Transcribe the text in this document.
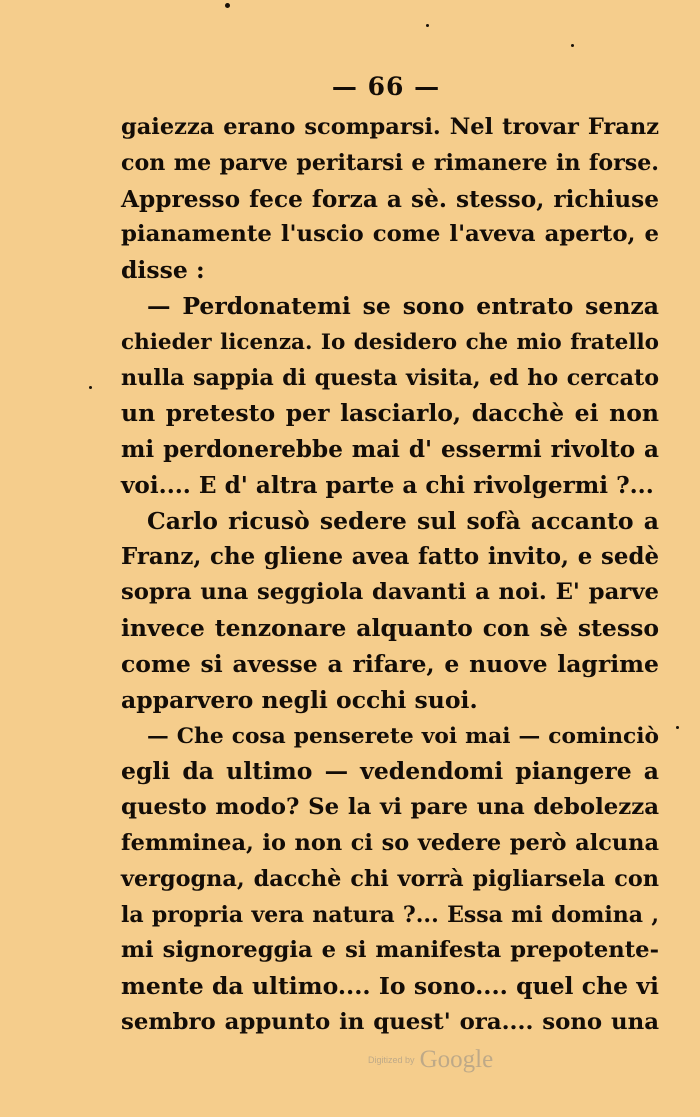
— 66 —
gaiezza erano scomparsi. Nel trovar Franz
con me parve peritarsi e rimanere in forse.
Appresso fece forza a sè. stesso, richiuse
pianamente l'uscio come l'aveva aperto, e
disse :
— Perdonatemi se sono entrato senza
chieder licenza. Io desidero che mio fratello
nulla sappia di questa visita, ed ho cercato
un pretesto per lasciarlo, dacchè ei non
mi perdonerebbe mai d' essermi rivolto a
voi.... E d' altra parte a chi rivolgermi ?...
Carlo ricusò sedere sul sofà accanto a
Franz, che gliene avea fatto invito, e sedè
sopra una seggiola davanti a noi. E' parve
invece tenzonare alquanto con sè stesso
come si avesse a rifare, e nuove lagrime
apparvero negli occhi suoi.
— Che cosa penserete voi mai — cominciò
egli da ultimo — vedendomi piangere a
questo modo? Se la vi pare una debolezza
femminea, io non ci so vedere però alcuna
vergogna, dacchè chi vorrà pigliarsela con
la propria vera natura ?... Essa mi domina ,
mi signoreggia e si manifesta prepotente-
mente da ultimo.... Io sono.... quel che vi
sembro appunto in quest' ora.... sono una
Digitized by Google
